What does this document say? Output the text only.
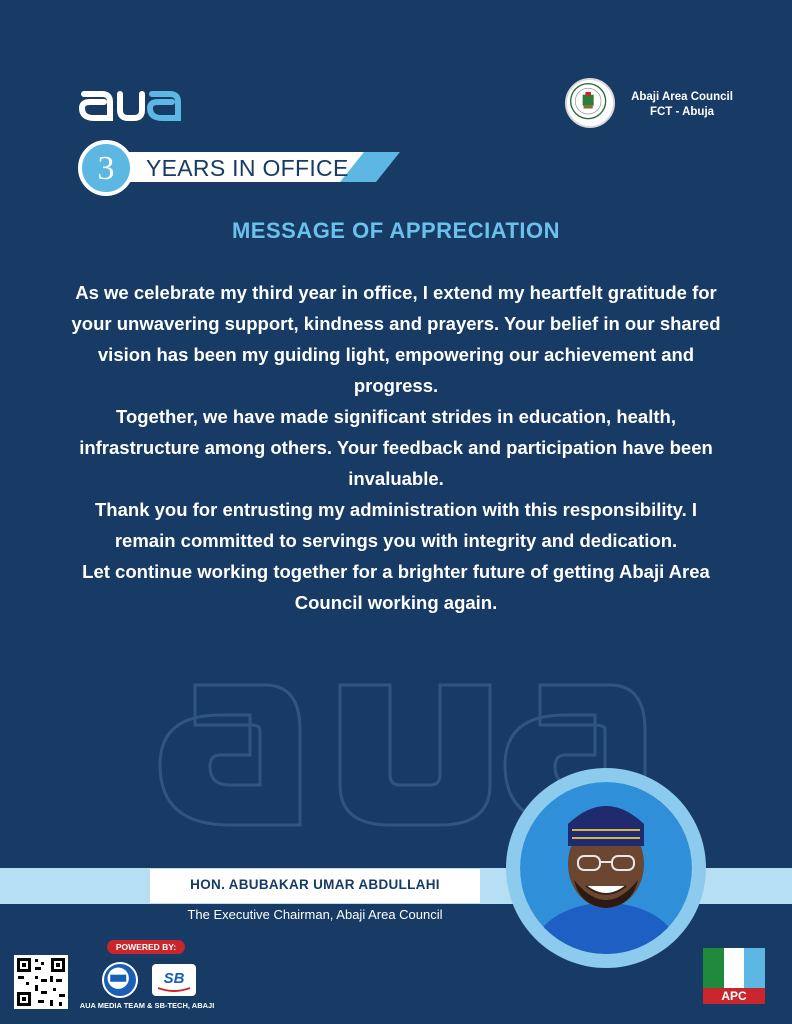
YEARS IN OFFICE
3
Abaji Area Council
FCT - Abuja
MESSAGE OF APPRECIATION

As we celebrate my third year in office, I extend my heartfelt gratitude for your unwavering support, kindness and prayers. Your belief in our shared vision has been my guiding light, empowering our achievement and progress.

Together, we have made significant strides in education, health, infrastructure among others. Your feedback and participation have been invaluable.

Thank you for entrusting my administration with this responsibility. I remain committed to servings you with integrity and dedication.

Let continue working together for a brighter future of getting Abaji Area Council working again.

HON. ABUBAKAR UMAR ABDULLAHI
The Executive Chairman, Abaji Area Council
POWERED BY:
SB
AUA MEDIA TEAM & SB-TECH, ABAJI
APC
